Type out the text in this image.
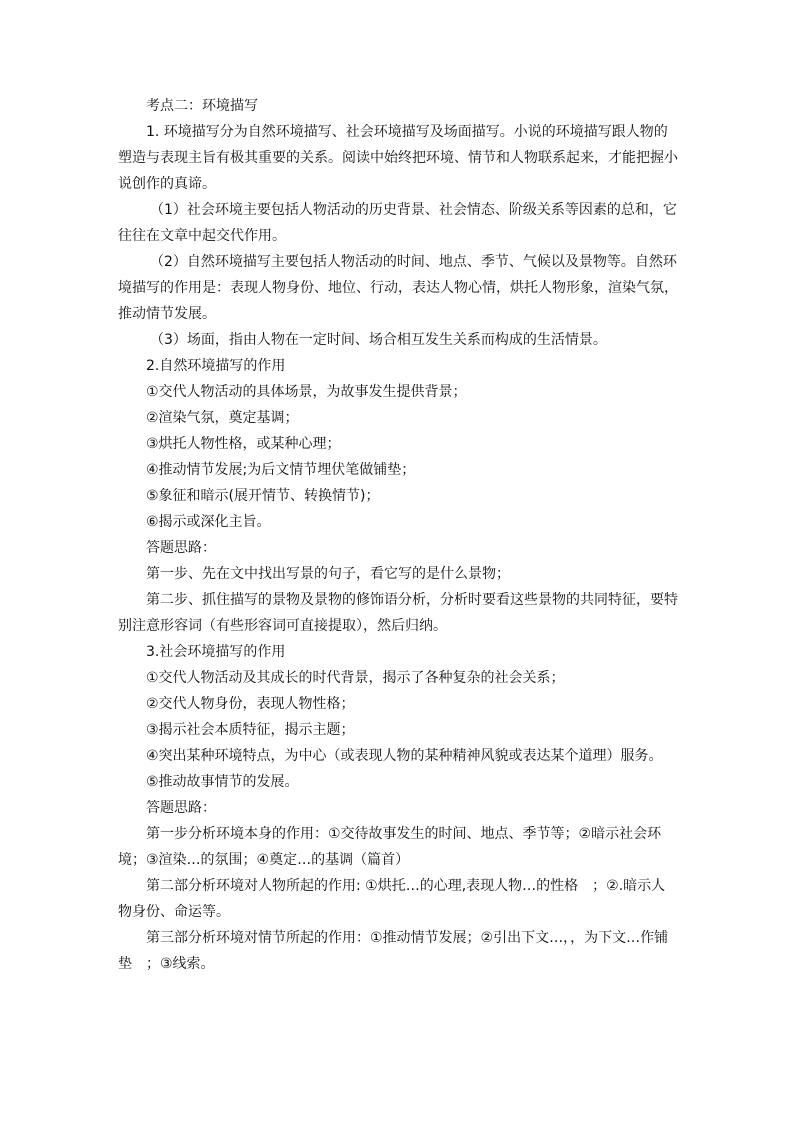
考点二：环境描写

1. 环境描写分为自然环境描写、社会环境描写及场面描写。小说的环境描写跟人物的塑造与表现主旨有极其重要的关系。阅读中始终把环境、情节和人物联系起来，才能把握小说创作的真谛。

（1）社会环境主要包括人物活动的历史背景、社会情态、阶级关系等因素的总和，它往往在文章中起交代作用。

（2）自然环境描写主要包括人物活动的时间、地点、季节、气候以及景物等。自然环境描写的作用是：表现人物身份、地位、行动，表达人物心情，烘托人物形象，渲染气氛，推动情节发展。

（3）场面，指由人物在一定时间、场合相互发生关系而构成的生活情景。

2.自然环境描写的作用

①交代人物活动的具体场景，为故事发生提供背景；

②渲染气氛，奠定基调；

③烘托人物性格，或某种心理；

④推动情节发展;为后文情节埋伏笔做铺垫；

⑤象征和暗示(展开情节、转换情节)；

⑥揭示或深化主旨。

答题思路：

第一步、先在文中找出写景的句子，看它写的是什么景物；

第二步、抓住描写的景物及景物的修饰语分析，分析时要看这些景物的共同特征，要特别注意形容词（有些形容词可直接提取），然后归纳。

3.社会环境描写的作用

①交代人物活动及其成长的时代背景，揭示了各种复杂的社会关系；

②交代人物身份，表现人物性格；

③揭示社会本质特征，揭示主题；

④突出某种环境特点，为中心（或表现人物的某种精神风貌或表达某个道理）服务。

⑤推动故事情节的发展。

答题思路：

第一步分析环境本身的作用：①交待故事发生的时间、地点、季节等；②暗示社会环境；③渲染…的氛围；④奠定…的基调（篇首）

第二部分析环境对人物所起的作用: ①烘托…的心理,表现人物…的性格　；②.暗示人物身份、命运等。

第三部分析环境对情节所起的作用：①推动情节发展；②引出下文…，，为下文…作铺垫　；③线索。
